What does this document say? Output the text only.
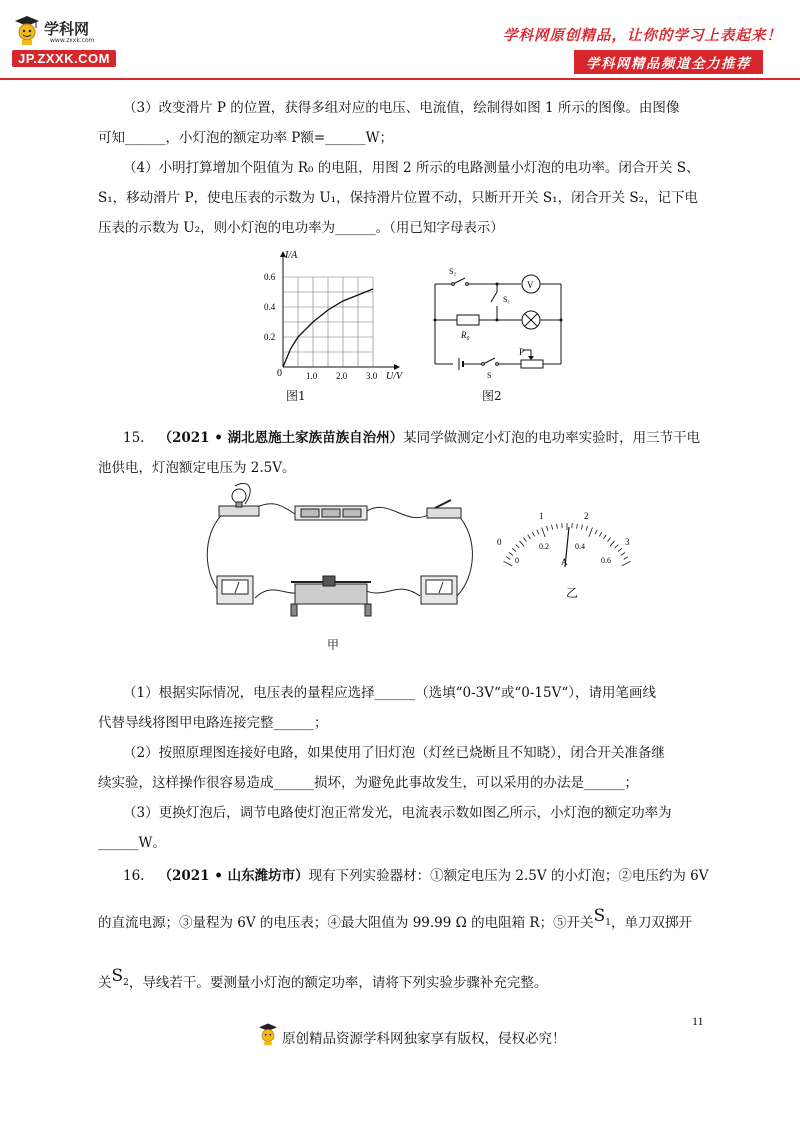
学科网
www.zxxk.com
JP.ZXXK.COM
学科网原创精品，让你的学习上表起来！
学科网精品频道全力推荐
（3）改变滑片 P 的位置，获得多组对应的电压、电流值，绘制得如图 1 所示的图像。由图像
可知______，小灯泡的额定功率 P额=______W；
（4）小明打算增加个阻值为 R₀ 的电阻，用图 2 所示的电路测量小灯泡的电功率。闭合开关 S、
S₁，移动滑片 P，使电压表的示数为 U₁，保持滑片位置不动，只断开开关 S₁，闭合开关 S₂，记下电
压表的示数为 U₂，则小灯泡的电功率为______。（用已知字母表示）
1.0 2.0 3.0
0.2
0.4
0.6
I/A
U/V
0
图1
S₂
S₁
R₀
V
P
S
图2
15. （2021 • 湖北恩施土家族苗族自治州）某同学做测定小灯泡的电功率实验时，用三节干电
池供电，灯泡额定电压为 2.5V。
甲
0
1	2
3
0
0.2	0.4
0.6
A
乙
（1）根据实际情况，电压表的量程应选择______（选填“0-3V“或“0-15V“），请用笔画线
代替导线将图甲电路连接完整______；
（2）按照原理图连接好电路，如果使用了旧灯泡（灯丝已烧断且不知晓），闭合开关准备继
续实验，这样操作很容易造成______损坏，为避免此事故发生，可以采用的办法是______；
（3）更换灯泡后，调节电路使灯泡正常发光，电流表示数如图乙所示，小灯泡的额定功率为
______W。
16. （2021 • 山东潍坊市）现有下列实验器材：①额定电压为 2.5V 的小灯泡；②电压约为 6V
的直流电源；③量程为 6V 的电压表；④最大阻值为 99.99 Ω 的电阻箱 R；⑤开关S1，单刀双掷开
关S2，导线若干。要测量小灯泡的额定功率，请将下列实验步骤补充完整。
11
原创精品资源学科网独家享有版权，侵权必究！
